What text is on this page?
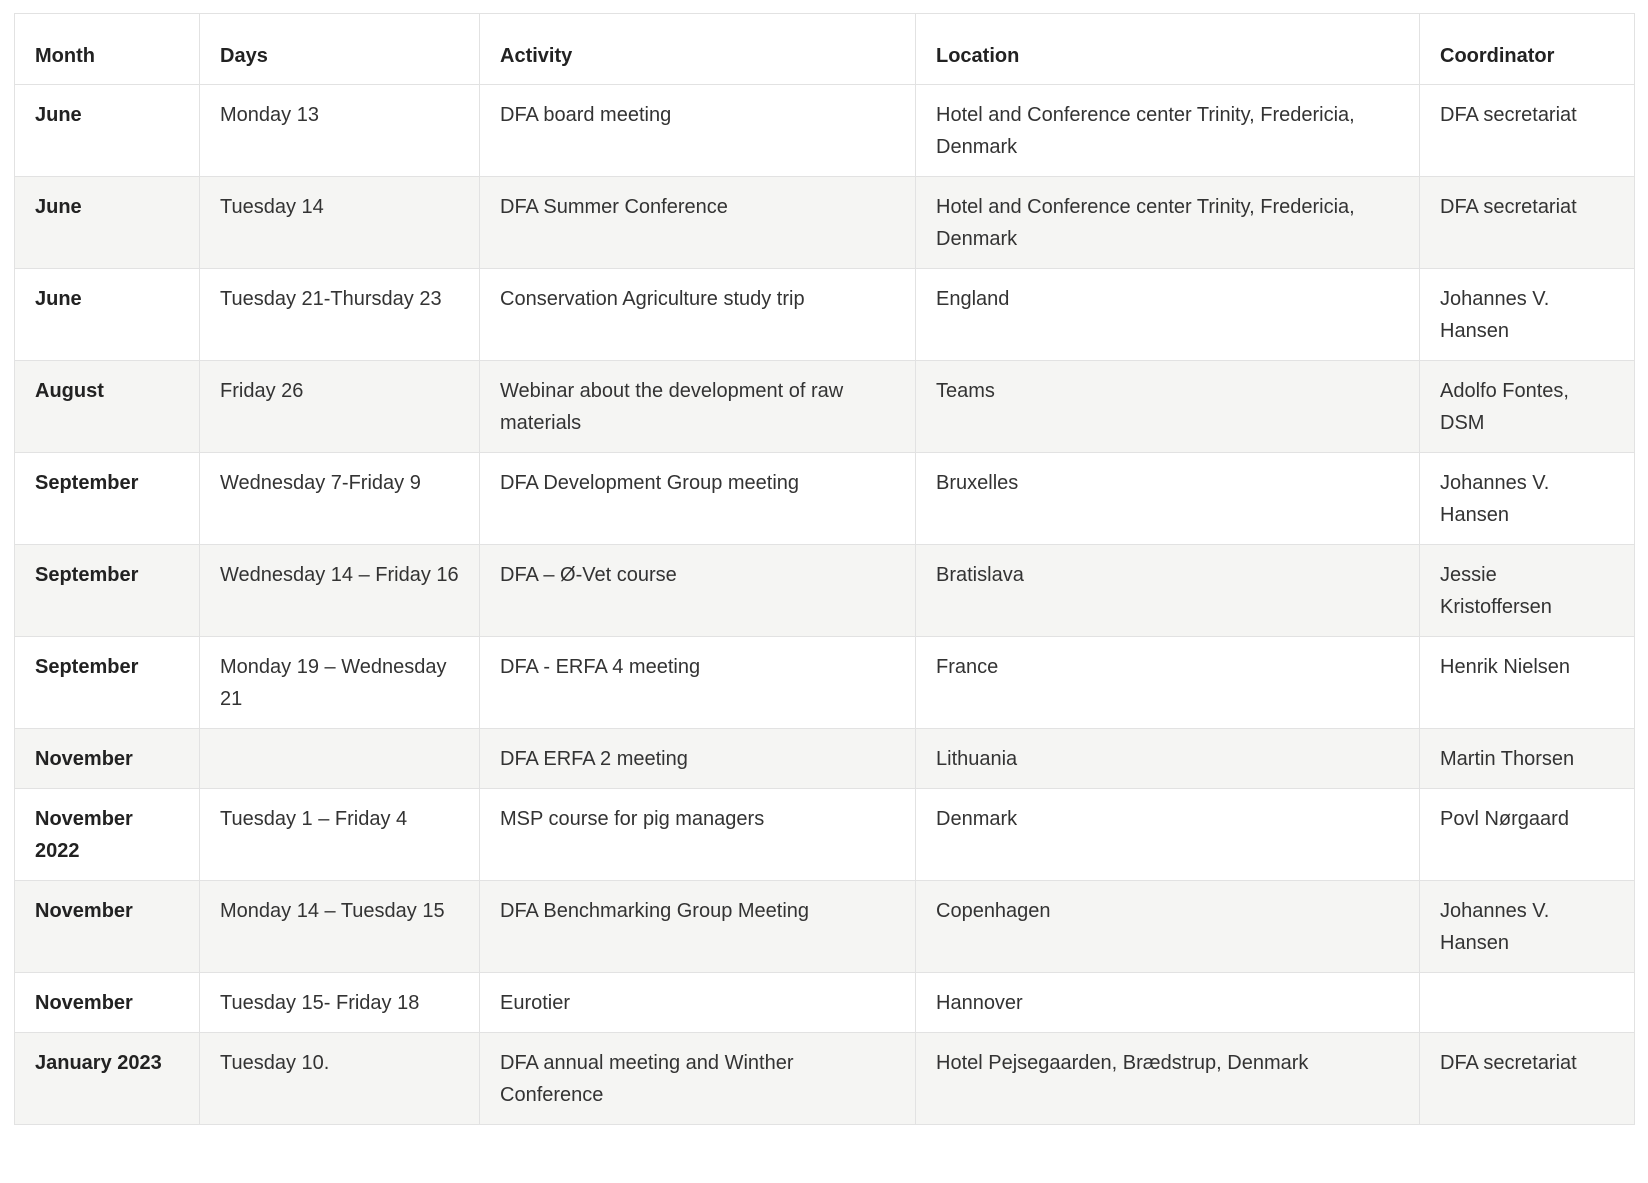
Month	Days	Activity	Location	Coordinator
June	Monday 13	DFA board meeting	Hotel and Conference center Trinity, Fredericia, Denmark	DFA secretariat
June	Tuesday 14	DFA Summer Conference	Hotel and Conference center Trinity, Fredericia, Denmark	DFA secretariat
June	Tuesday 21-Thursday 23	Conservation Agriculture study trip	England	Johannes V. Hansen
August	Friday 26	Webinar about the development of raw materials	Teams	Adolfo Fontes, DSM
September	Wednesday 7-Friday 9	DFA Development Group meeting	Bruxelles	Johannes V. Hansen
September	Wednesday 14 – Friday 16	DFA – Ø-Vet course	Bratislava	Jessie Kristoffersen
September	Monday 19 – Wednesday 21	DFA - ERFA 4 meeting	France	Henrik Nielsen
November		DFA ERFA 2 meeting	Lithuania	Martin Thorsen
November 2022	Tuesday 1 – Friday 4	MSP course for pig managers	Denmark	Povl Nørgaard
November	Monday 14 – Tuesday 15	DFA Benchmarking Group Meeting	Copenhagen	Johannes V. Hansen
November	Tuesday 15- Friday 18	Eurotier	Hannover	
January 2023	Tuesday 10.	DFA annual meeting and Winther Conference	Hotel Pejsegaarden, Brædstrup, Denmark	DFA secretariat
